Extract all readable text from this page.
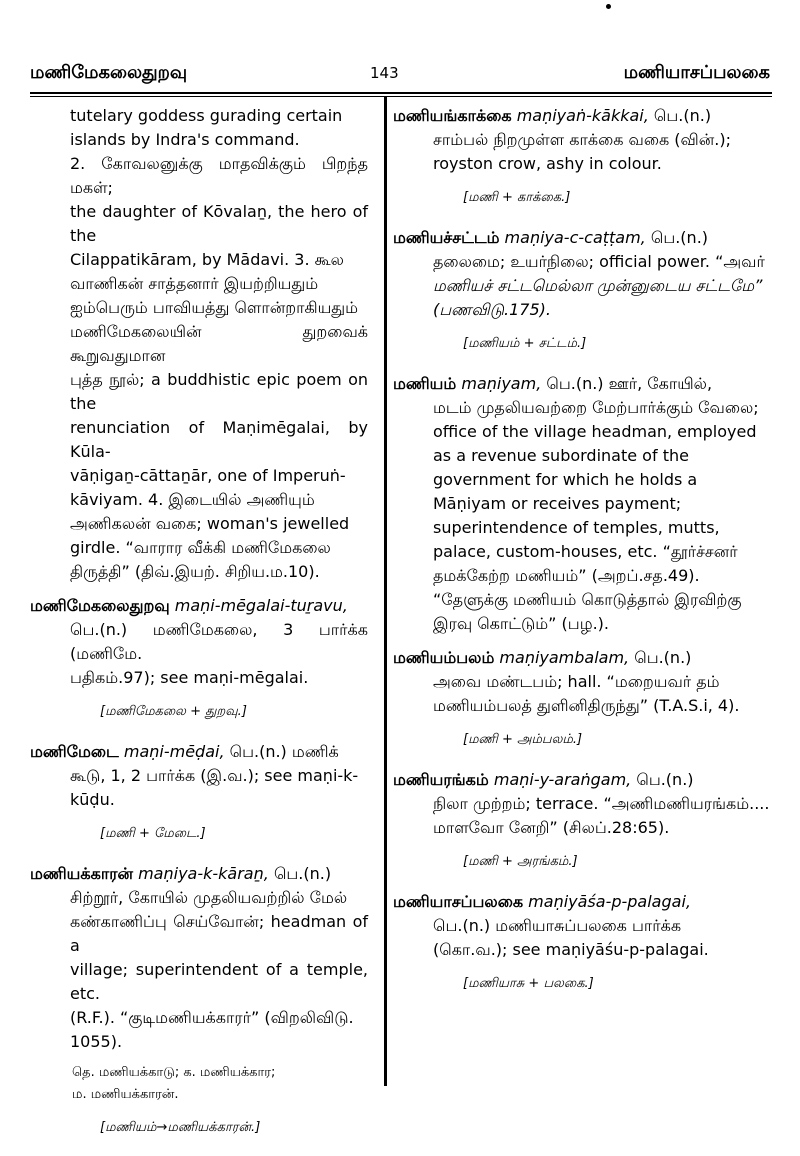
மணிமேகலைதுறவு	143	மணியாசப்பலகை
tutelary goddess gurading certain
islands by Indra's command.
2. கோவலனுக்கு மாதவிக்கும் பிறந்த மகள்;
the daughter of Kōvalaṉ, the hero of the
Cilappatikāram, by Mādavi. 3. கூல
வாணிகன் சாத்தனார் இயற்றியதும்
ஐம்பெரும் பாவியத்து ளொன்றாகியதும்
மணிமேகலையின் துறவைக் கூறுவதுமான
புத்த நூல்; a buddhistic epic poem on the
renunciation of Maṇimēgalai, by Kūla-
vāṇigaṉ-cāttaṉār, one of Imperuṅ-
kāviyam. 4. இடையில் அணியும்
அணிகலன் வகை; woman's jewelled
girdle. “வாரார வீக்கி மணிமேகலை
திருத்தி” (திவ்.இயற். சிறிய.ம.10).
மணிமேகலைதுறவு maṇi-mēgalai-tuṟavu,
பெ.(n.) மணிமேகலை, 3 பார்க்க (மணிமே.
பதிகம்.97); see maṇi-mēgalai.
[மணிமேகலை + துறவு.]
மணிமேடை maṇi-mēḍai, பெ.(n.) மணிக்
கூடு, 1, 2 பார்க்க (இ.வ.); see maṇi-k-
kūḍu.
[மணி + மேடை.]
மணியக்காரன் maṇiya-k-kāraṉ, பெ.(n.)
சிற்றூர், கோயில் முதலியவற்றில் மேல்
கண்காணிப்பு செய்வோன்; headman of a
village; superintendent of a temple, etc.
(R.F.). “குடிமணியக்காரர்” (விறலிவிடு.
1055).
தெ. மணியக்காடு; க. மணியக்கார;
ம. மணியக்காரன்.
[மணியம்→மணியக்காரன்.]
மணியங்காக்கை maṇiyaṅ-kākkai, பெ.(n.)
சாம்பல் நிறமுள்ள காக்கை வகை (வின்.);
royston crow, ashy in colour.
[மணி + காக்கை.]
மணியச்சட்டம் maṇiya-c-caṭṭam, பெ.(n.)
தலைமை; உயர்நிலை; official power. “அவர்
மணியச் சட்டமெல்லா முன்னுடைய சட்டமே”
(பணவிடு.175).
[மணியம் + சட்டம்.]
மணியம் maṇiyam, பெ.(n.) ஊர், கோயில்,
மடம் முதலியவற்றை மேற்பார்க்கும் வேலை;
office of the village headman, employed
as a revenue subordinate of the
government for which he holds a
Māṇiyam or receives payment;
superintendence of temples, mutts,
palace, custom-houses, etc. “தூர்ச்சனர்
தமக்கேற்ற மணியம்” (அறப்.சத.49).
“தேளுக்கு மணியம் கொடுத்தால் இரவிற்கு
இரவு கொட்டும்” (பழ.).
மணியம்பலம் maṇiyambalam, பெ.(n.)
அவை மண்டபம்; hall. “மறையவர் தம்
மணியம்பலத் துளினிதிருந்து” (T.A.S.i, 4).
[மணி + அம்பலம்.]
மணியரங்கம் maṇi-y-araṅgam, பெ.(n.)
நிலா முற்றம்; terrace. “அணிமணியரங்கம்....
மாளவோ னேறி” (சிலப்.28:65).
[மணி + அரங்கம்.]
மணியாசப்பலகை maṇiyāśa-p-palagai,
பெ.(n.) மணியாசுப்பலகை பார்க்க
(கொ.வ.); see maṇiyāśu-p-palagai.
[மணியாசு + பலகை.]
